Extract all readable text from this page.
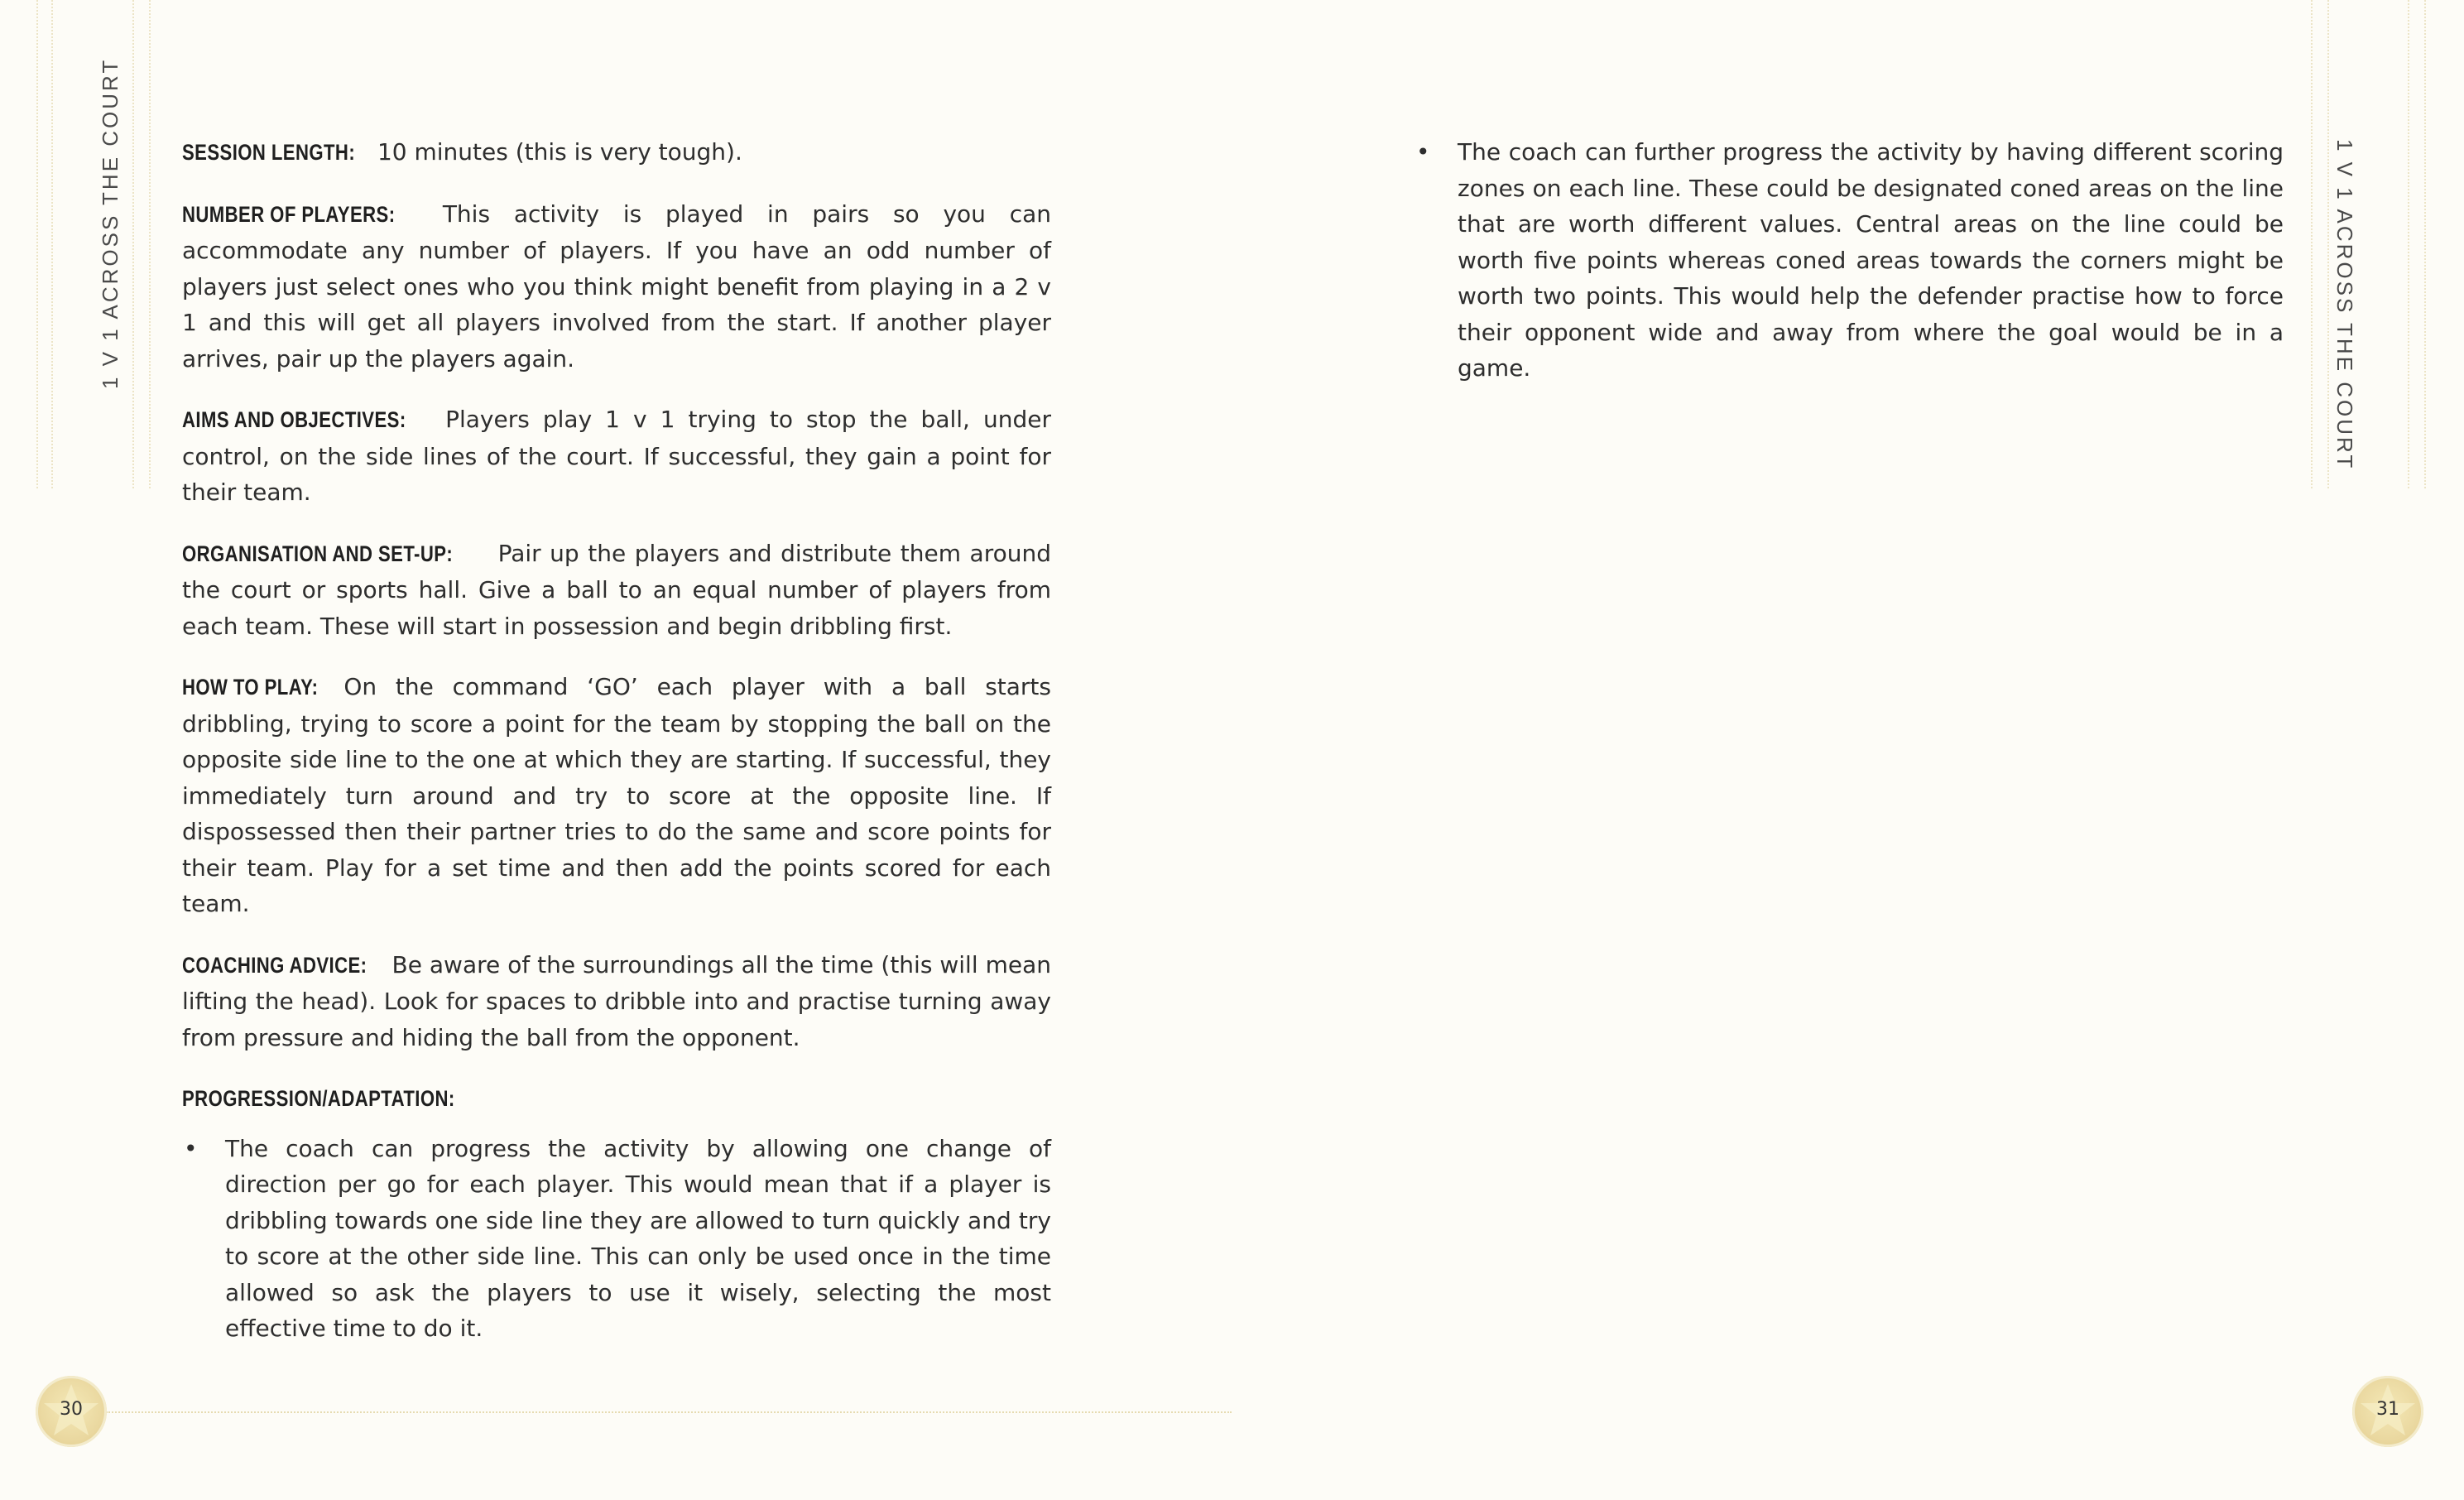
1 V 1 ACROSS THE COURT	SESSION LENGTH: 10 minutes (this is very tough).

NUMBER OF PLAYERS: This activity is played in pairs so you can accommodate any number of players. If you have an odd number of players just select ones who you think might benefit from playing in a 2 v 1 and this will get all players involved from the start. If another player arrives, pair up the players again.

AIMS AND OBJECTIVES: Players play 1 v 1 trying to stop the ball, under control, on the side lines of the court. If successful, they gain a point for their team.

ORGANISATION AND SET-UP: Pair up the players and distribute them around the court or sports hall. Give a ball to an equal number of players from each team. These will start in possession and begin dribbling first.

HOW TO PLAY: On the command ‘GO’ each player with a ball starts dribbling, trying to score a point for the team by stopping the ball on the opposite side line to the one at which they are starting. If successful, they immediately turn around and try to score at the opposite line. If dispossessed then their partner tries to do the same and score points for their team. Play for a set time and then add the points scored for each team.

COACHING ADVICE: Be aware of the surroundings all the time (this will mean lifting the head). Look for spaces to dribble into and practise turning away from pressure and hiding the ball from the opponent.

PROGRESSION/ADAPTATION:

• The coach can progress the activity by allowing one change of direction per go for each player. This would mean that if a player is dribbling towards one side line they are allowed to turn quickly and try to score at the other side line. This can only be used once in the time allowed so ask the players to use it wisely, selecting the most effective time to do it.
30
1 V 1 ACROSS THE COURT
• The coach can further progress the activity by having different scoring zones on each line. These could be designated coned areas on the line that are worth different values. Central areas on the line could be worth five points whereas coned areas towards the corners might be worth two points. This would help the defender practise how to force their opponent wide and away from where the goal would be in a game.
31
